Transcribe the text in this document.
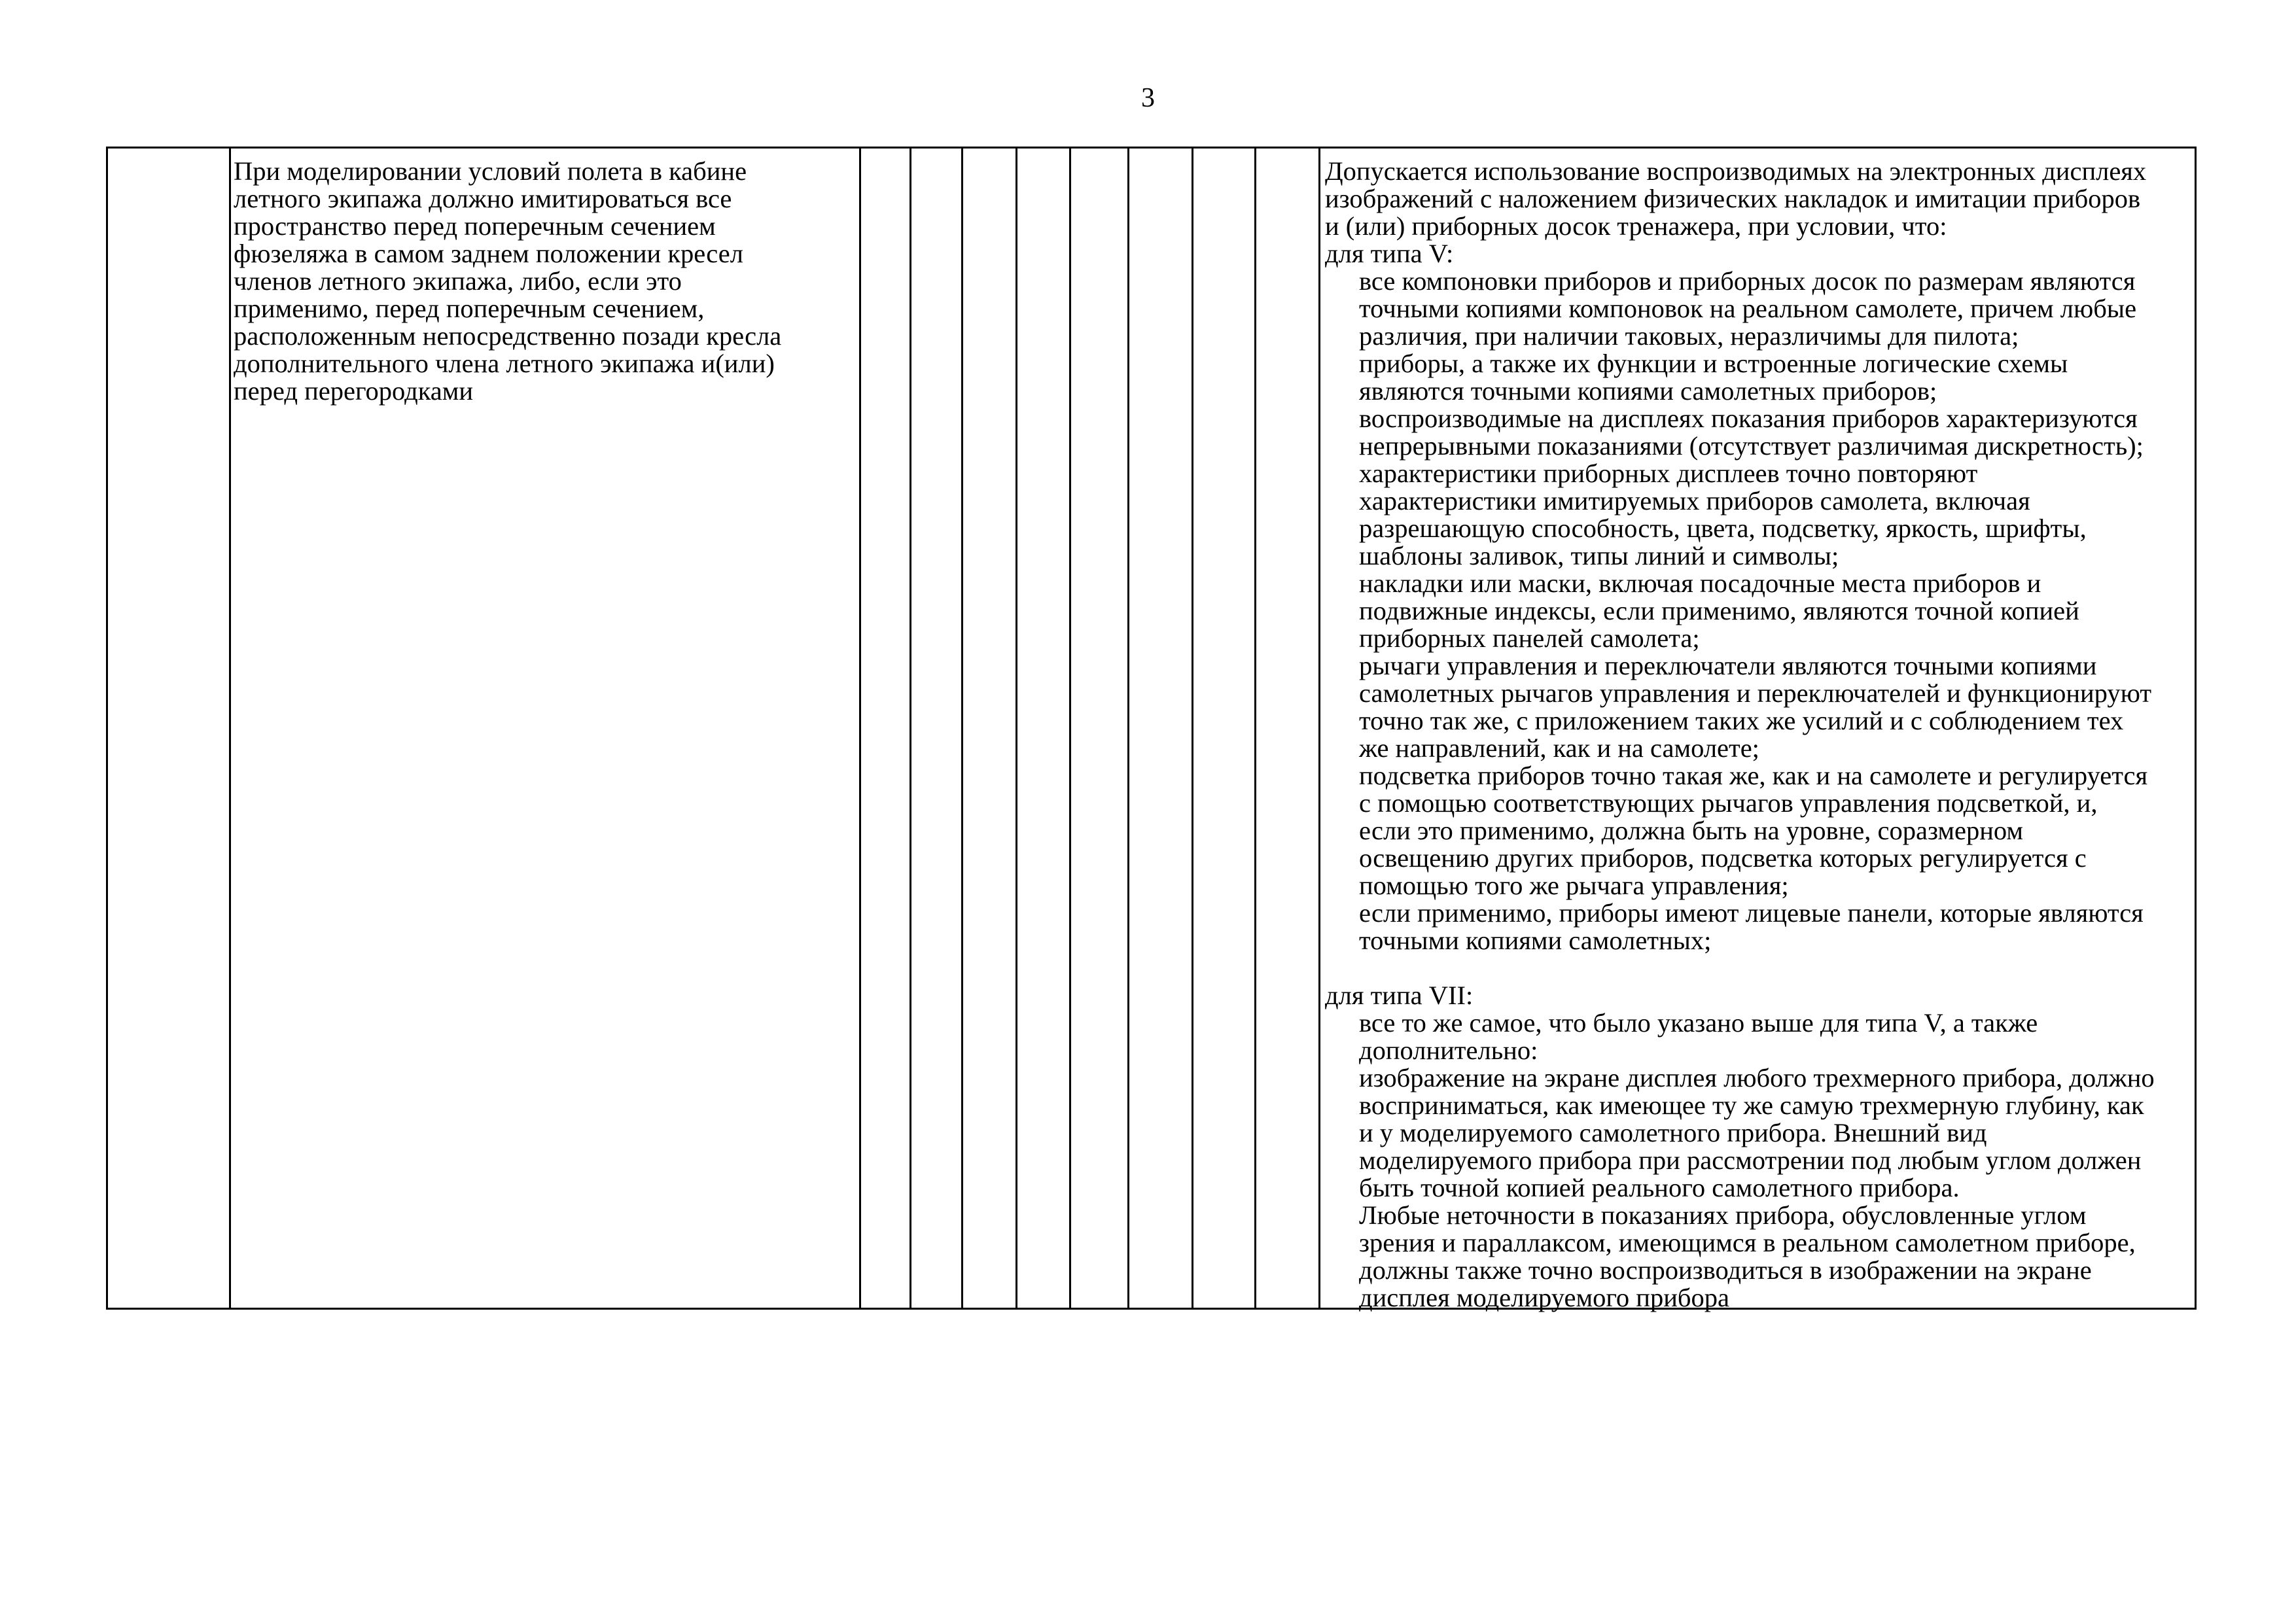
3
При моделировании условий полета в кабине
летного экипажа должно имитироваться все
пространство перед поперечным сечением
фюзеляжа в самом заднем положении кресел
членов летного экипажа, либо, если это
применимо, перед поперечным сечением,
расположенным непосредственно позади кресла
дополнительного члена летного экипажа и(или)
перед перегородками
Допускается использование воспроизводимых на электронных дисплеях
изображений с наложением физических накладок и имитации приборов
и (или) приборных досок тренажера, при условии, что:
для типа V:
все компоновки приборов и приборных досок по размерам являются
точными копиями компоновок на реальном самолете, причем любые
различия, при наличии таковых, неразличимы для пилота;
приборы, а также их функции и встроенные логические схемы
являются точными копиями самолетных приборов;
воспроизводимые на дисплеях показания приборов характеризуются
непрерывными показаниями (отсутствует различимая дискретность);
характеристики приборных дисплеев точно повторяют
характеристики имитируемых приборов самолета, включая
разрешающую способность, цвета, подсветку, яркость, шрифты,
шаблоны заливок, типы линий и символы;
накладки или маски, включая посадочные места приборов и
подвижные индексы, если применимо, являются точной копией
приборных панелей самолета;
рычаги управления и переключатели являются точными копиями
самолетных рычагов управления и переключателей и функционируют
точно так же, с приложением таких же усилий и с соблюдением тех
же направлений, как и на самолете;
подсветка приборов точно такая же, как и на самолете и регулируется
с помощью соответствующих рычагов управления подсветкой, и,
если это применимо, должна быть на уровне, соразмерном
освещению других приборов, подсветка которых регулируется с
помощью того же рычага управления;
если применимо, приборы имеют лицевые панели, которые являются
точными копиями самолетных;
для типа VII:
все то же самое, что было указано выше для типа V, а также
дополнительно:
изображение на экране дисплея любого трехмерного прибора, должно
восприниматься, как имеющее ту же самую трехмерную глубину, как
и у моделируемого самолетного прибора. Внешний вид
моделируемого прибора при рассмотрении под любым углом должен
быть точной копией реального самолетного прибора.
Любые неточности в показаниях прибора, обусловленные углом
зрения и параллаксом, имеющимся в реальном самолетном приборе,
должны также точно воспроизводиться в изображении на экране
дисплея моделируемого прибора
